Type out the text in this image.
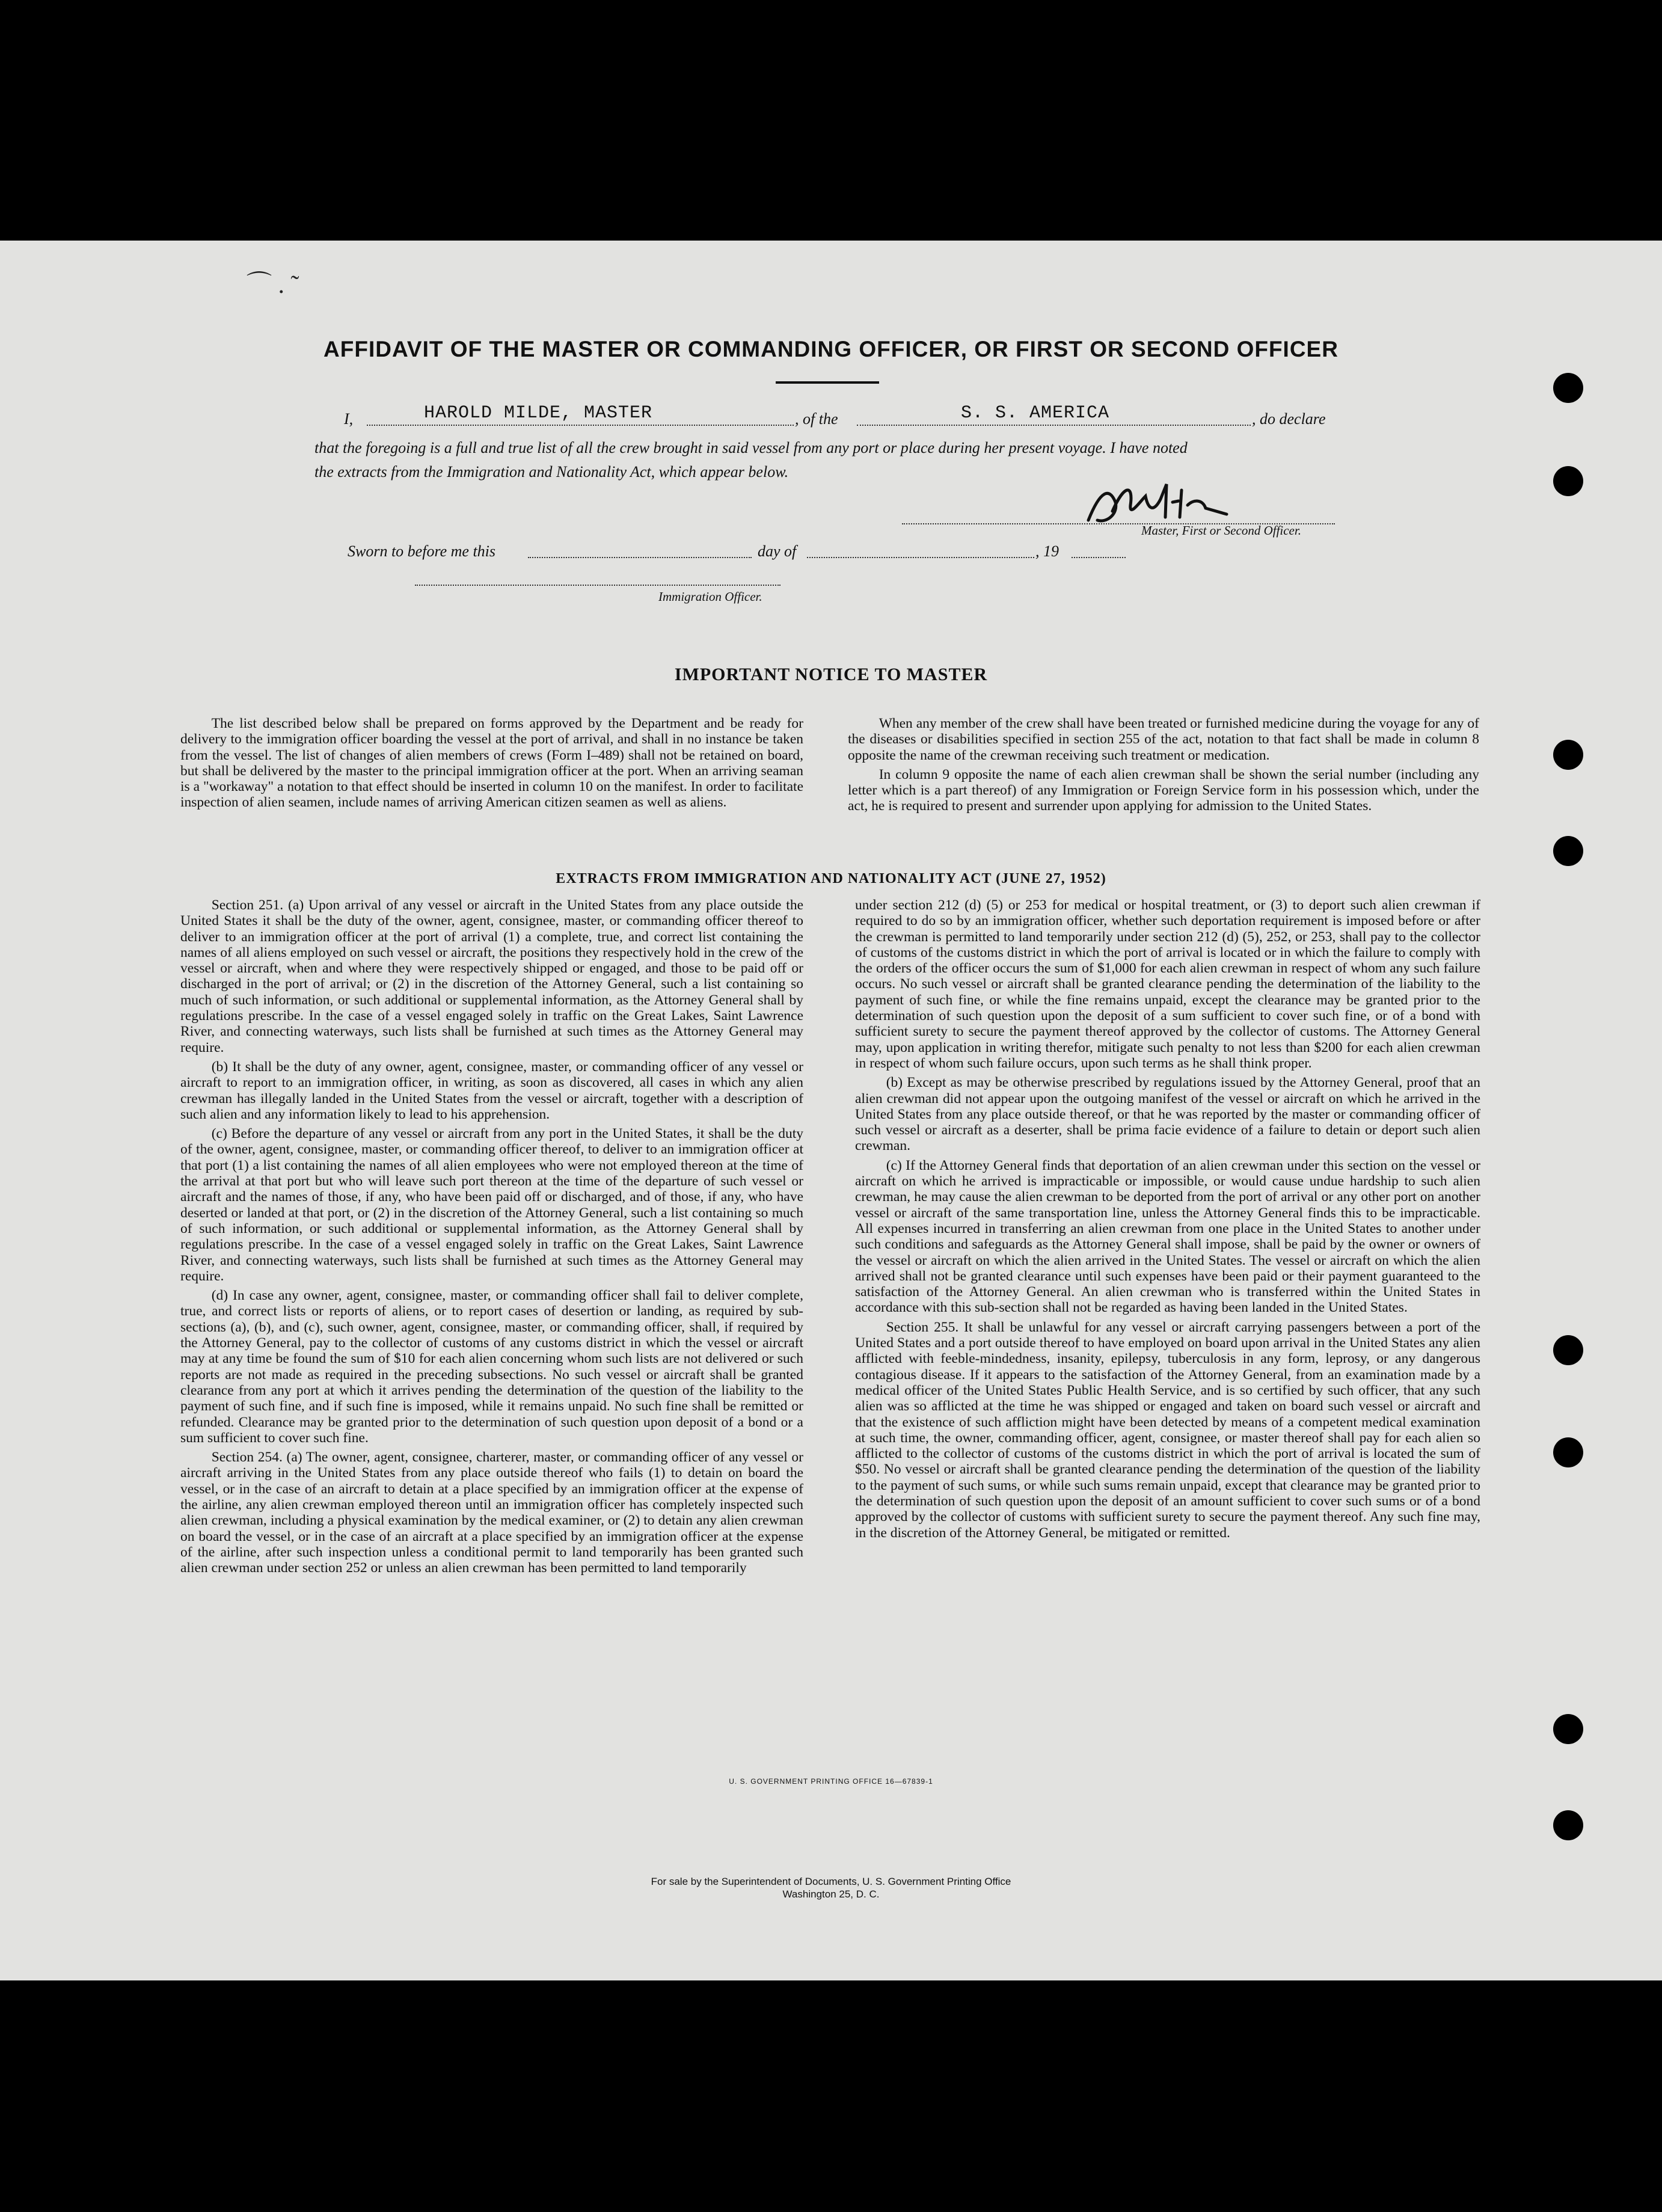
⌒ . ˜
AFFIDAVIT OF THE MASTER OR COMMANDING OFFICER, OR FIRST OR SECOND OFFICER
I,	HAROLD MILDE, MASTER	, of the	S. S. AMERICA	, do declare
that the foregoing is a full and true list of all the crew brought in said vessel from any port or place during her present voyage. I have noted
the extracts from the Immigration and Nationality Act, which appear below.
Master, First or Second Officer.
Sworn to before me this	day of	, 19
Immigration Officer.
IMPORTANT NOTICE TO MASTER

The list described below shall be prepared on forms approved by the Department and be ready for delivery to the immigration officer boarding the vessel at the port of arrival, and shall in no instance be taken from the vessel. The list of changes of alien members of crews (Form I–489) shall not be retained on board, but shall be delivered by the master to the principal immigration officer at the port. When an arriving seaman is a "workaway" a notation to that effect should be inserted in column 10 on the manifest. In order to facilitate inspection of alien seamen, include names of arriving American citizen seamen as well as aliens.

When any member of the crew shall have been treated or furnished medicine during the voyage for any of the diseases or disabilities specified in section 255 of the act, notation to that fact shall be made in column 8 opposite the name of the crewman receiving such treatment or medication.

In column 9 opposite the name of each alien crewman shall be shown the serial number (including any letter which is a part thereof) of any Immigration or Foreign Service form in his possession which, under the act, he is required to present and surrender upon applying for admission to the United States.

EXTRACTS FROM IMMIGRATION AND NATIONALITY ACT (JUNE 27, 1952)

Section 251. (a) Upon arrival of any vessel or aircraft in the United States from any place outside the United States it shall be the duty of the owner, agent, consignee, master, or commanding officer thereof to deliver to an immigration officer at the port of arrival (1) a complete, true, and correct list containing the names of all aliens employed on such vessel or aircraft, the positions they respectively hold in the crew of the vessel or aircraft, when and where they were respectively shipped or engaged, and those to be paid off or discharged in the port of arrival; or (2) in the discretion of the Attorney General, such a list containing so much of such information, or such additional or supplemental information, as the Attorney General shall by regulations prescribe. In the case of a vessel engaged solely in traffic on the Great Lakes, Saint Lawrence River, and connecting waterways, such lists shall be furnished at such times as the Attorney General may require.

(b) It shall be the duty of any owner, agent, consignee, master, or commanding officer of any vessel or aircraft to report to an immigration officer, in writing, as soon as discovered, all cases in which any alien crewman has illegally landed in the United States from the vessel or aircraft, together with a description of such alien and any information likely to lead to his apprehension.

(c) Before the departure of any vessel or aircraft from any port in the United States, it shall be the duty of the owner, agent, consignee, master, or commanding officer thereof, to deliver to an immigration officer at that port (1) a list containing the names of all alien employees who were not employed thereon at the time of the arrival at that port but who will leave such port thereon at the time of the departure of such vessel or aircraft and the names of those, if any, who have been paid off or discharged, and of those, if any, who have deserted or landed at that port, or (2) in the discretion of the Attorney General, such a list containing so much of such information, or such additional or supplemental information, as the Attorney General shall by regulations prescribe. In the case of a vessel engaged solely in traffic on the Great Lakes, Saint Lawrence River, and connecting waterways, such lists shall be furnished at such times as the Attorney General may require.

(d) In case any owner, agent, consignee, master, or commanding officer shall fail to deliver complete, true, and correct lists or reports of aliens, or to report cases of desertion or landing, as required by sub-sections (a), (b), and (c), such owner, agent, consignee, master, or commanding officer, shall, if required by the Attorney General, pay to the collector of customs of any customs district in which the vessel or aircraft may at any time be found the sum of $10 for each alien concerning whom such lists are not delivered or such reports are not made as required in the preceding subsections. No such vessel or aircraft shall be granted clearance from any port at which it arrives pending the determination of the question of the liability to the payment of such fine, and if such fine is imposed, while it remains unpaid. No such fine shall be remitted or refunded. Clearance may be granted prior to the determination of such question upon deposit of a bond or a sum sufficient to cover such fine.

Section 254. (a) The owner, agent, consignee, charterer, master, or commanding officer of any vessel or aircraft arriving in the United States from any place outside thereof who fails (1) to detain on board the vessel, or in the case of an aircraft to detain at a place specified by an immigration officer at the expense of the airline, any alien crewman employed thereon until an immigration officer has completely inspected such alien crewman, including a physical examination by the medical examiner, or (2) to detain any alien crewman on board the vessel, or in the case of an aircraft at a place specified by an immigration officer at the expense of the airline, after such inspection unless a conditional permit to land temporarily has been granted such alien crewman under section 252 or unless an alien crewman has been permitted to land temporarily

under section 212 (d) (5) or 253 for medical or hospital treatment, or (3) to deport such alien crewman if required to do so by an immigration officer, whether such deportation requirement is imposed before or after the crewman is permitted to land temporarily under section 212 (d) (5), 252, or 253, shall pay to the collector of customs of the customs district in which the port of arrival is located or in which the failure to comply with the orders of the officer occurs the sum of $1,000 for each alien crewman in respect of whom any such failure occurs. No such vessel or aircraft shall be granted clearance pending the determination of the liability to the payment of such fine, or while the fine remains unpaid, except the clearance may be granted prior to the determination of such question upon the deposit of a sum sufficient to cover such fine, or of a bond with sufficient surety to secure the payment thereof approved by the collector of customs. The Attorney General may, upon application in writing therefor, mitigate such penalty to not less than $200 for each alien crewman in respect of whom such failure occurs, upon such terms as he shall think proper.

(b) Except as may be otherwise prescribed by regulations issued by the Attorney General, proof that an alien crewman did not appear upon the outgoing manifest of the vessel or aircraft on which he arrived in the United States from any place outside thereof, or that he was reported by the master or commanding officer of such vessel or aircraft as a deserter, shall be prima facie evidence of a failure to detain or deport such alien crewman.

(c) If the Attorney General finds that deportation of an alien crewman under this section on the vessel or aircraft on which he arrived is impracticable or impossible, or would cause undue hardship to such alien crewman, he may cause the alien crewman to be deported from the port of arrival or any other port on another vessel or aircraft of the same transportation line, unless the Attorney General finds this to be impracticable. All expenses incurred in transferring an alien crewman from one place in the United States to another under such conditions and safeguards as the Attorney General shall impose, shall be paid by the owner or owners of the vessel or aircraft on which the alien arrived in the United States. The vessel or aircraft on which the alien arrived shall not be granted clearance until such expenses have been paid or their payment guaranteed to the satisfaction of the Attorney General. An alien crewman who is transferred within the United States in accordance with this sub-section shall not be regarded as having been landed in the United States.

Section 255. It shall be unlawful for any vessel or aircraft carrying passengers between a port of the United States and a port outside thereof to have employed on board upon arrival in the United States any alien afflicted with feeble-mindedness, insanity, epilepsy, tuberculosis in any form, leprosy, or any dangerous contagious disease. If it appears to the satisfaction of the Attorney General, from an examination made by a medical officer of the United States Public Health Service, and is so certified by such officer, that any such alien was so afflicted at the time he was shipped or engaged and taken on board such vessel or aircraft and that the existence of such affliction might have been detected by means of a competent medical examination at such time, the owner, commanding officer, agent, consignee, or master thereof shall pay for each alien so afflicted to the collector of customs of the customs district in which the port of arrival is located the sum of $50. No vessel or aircraft shall be granted clearance pending the determination of the question of the liability to the payment of such sums, or while such sums remain unpaid, except that clearance may be granted prior to the determination of such question upon the deposit of an amount sufficient to cover such sums or of a bond approved by the collector of customs with sufficient surety to secure the payment thereof. Any such fine may, in the discretion of the Attorney General, be mitigated or remitted.

U. S. GOVERNMENT PRINTING OFFICE 16—67839-1
For sale by the Superintendent of Documents, U. S. Government Printing Office
Washington 25, D. C.
